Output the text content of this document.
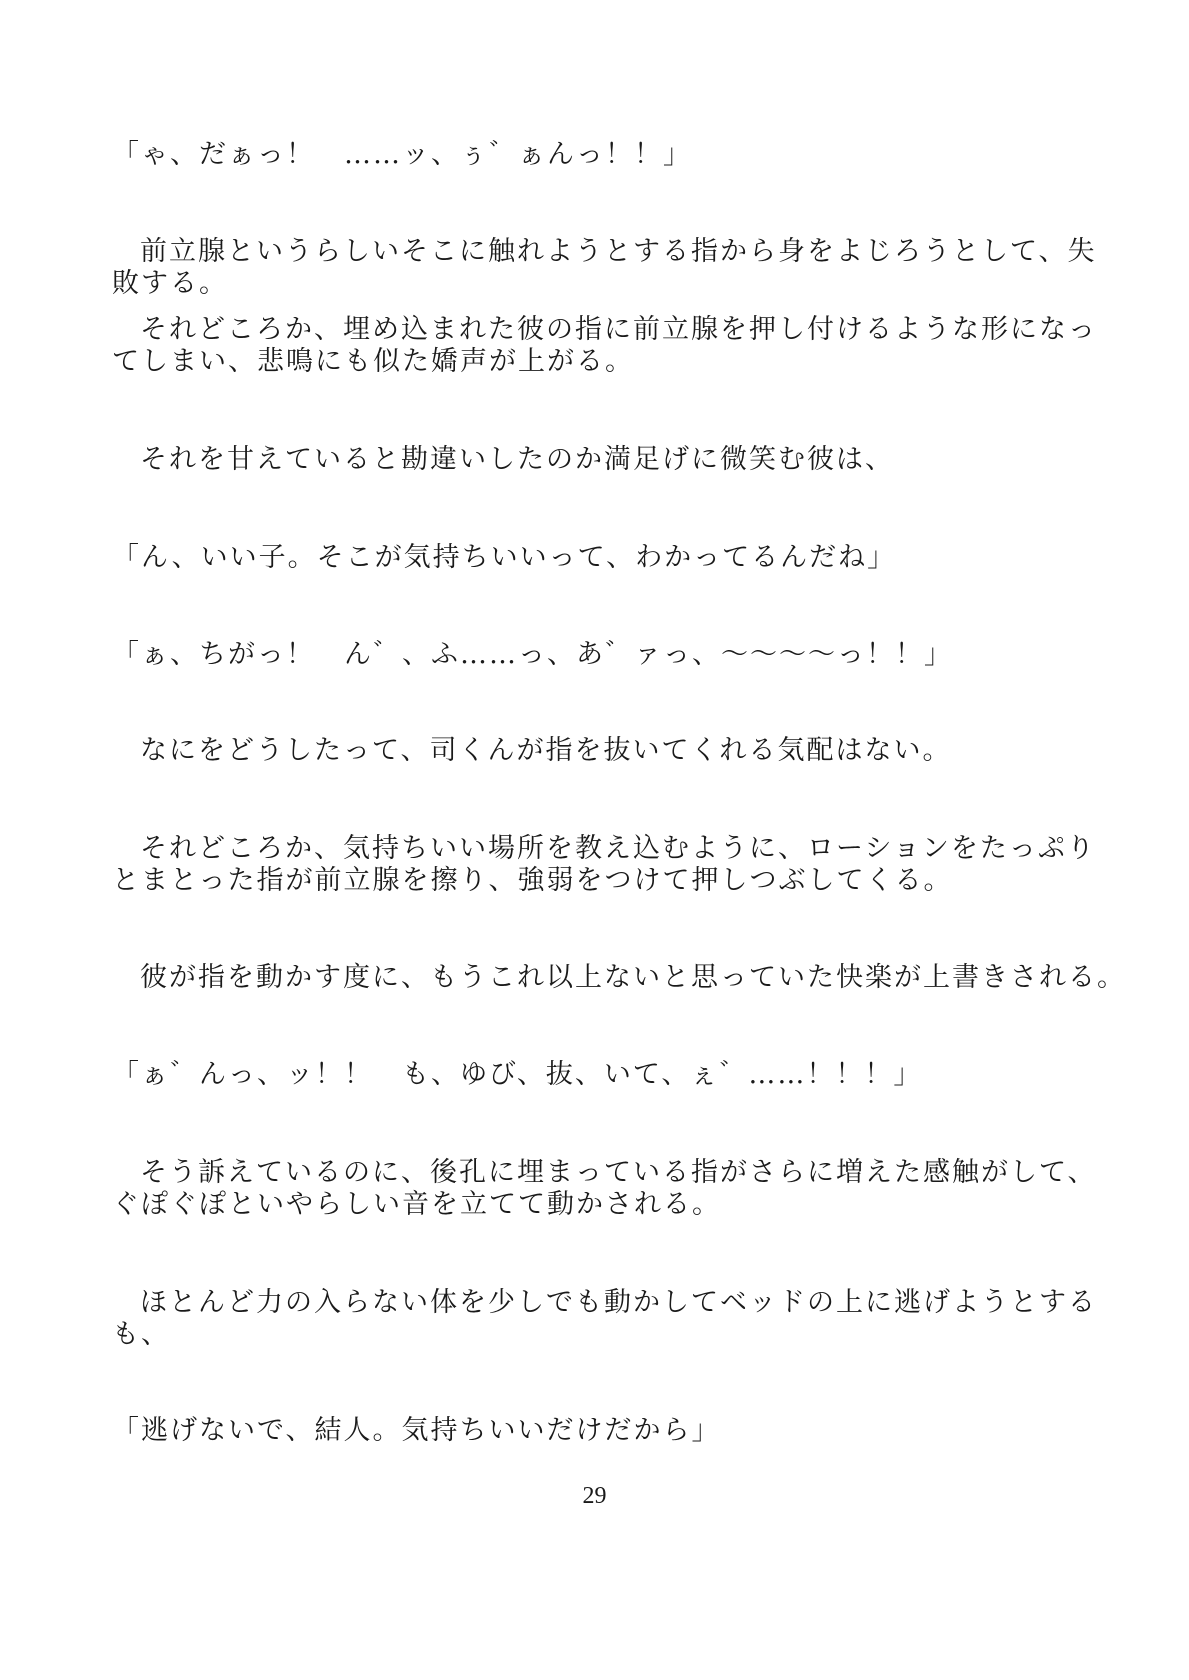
「ゃ、だぁっ！　……ッ、ぅ゛ぁんっ！！」
前立腺というらしいそこに触れようとする指から身をよじろうとして、失
敗する。
それどころか、埋め込まれた彼の指に前立腺を押し付けるような形になっ
てしまい、悲鳴にも似た嬌声が上がる。
それを甘えていると勘違いしたのか満足げに微笑む彼は、
「ん、いい子。そこが気持ちいいって、わかってるんだね」
「ぁ、ちがっ！　ん゛、ふ……っ、あ゛ァっ、〜〜〜〜っ！！」
なにをどうしたって、司くんが指を抜いてくれる気配はない。
それどころか、気持ちいい場所を教え込むように、ローションをたっぷり
とまとった指が前立腺を擦り、強弱をつけて押しつぶしてくる。
彼が指を動かす度に、もうこれ以上ないと思っていた快楽が上書きされる。
「ぁ゛んっ、ッ！！　も、ゆび、抜、いて、ぇ゛……！！！」
そう訴えているのに、後孔に埋まっている指がさらに増えた感触がして、
ぐぽぐぽといやらしい音を立てて動かされる。
ほとんど力の入らない体を少しでも動かしてベッドの上に逃げようとする
も、
「逃げないで、結人。気持ちいいだけだから」
29
